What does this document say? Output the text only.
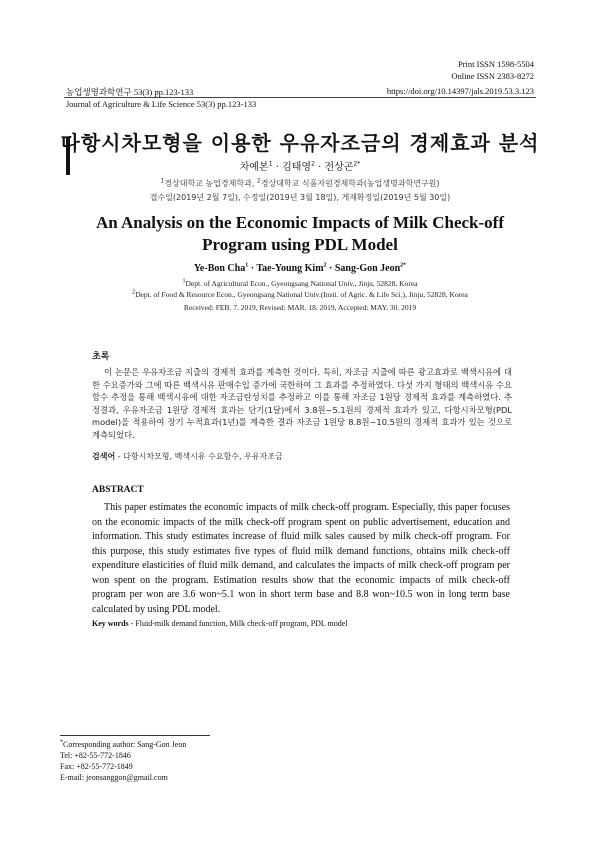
Print ISSN 1598-5504
Online ISSN 2383-8272
농업생명과학연구 53(3) pp.123-133	https://doi.org/10.14397/jals.2019.53.3.123
Journal of Agriculture & Life Science 53(3) pp.123-133
다항시차모형을 이용한 우유자조금의 경제효과 분석
차예본$^1$ · 김태영$^2$ · 전상곤$^{2*}$
$^1$경상대학교 농업경제학과, $^2$경상대학교 식품자원경제학과(농업생명과학연구원)
접수일(2019년 2월 7일), 수정일(2019년 3월 18일), 게재확정일(2019년 5월 30일)
An Analysis on the Economic Impacts of Milk Check-off
Program using PDL Model
Ye-Bon Cha$^1$ · Tae-Young Kim$^2$ · Sang-Gon Jeon$^{2*}$
$^1$Dept. of Agricultural Econ., Gyeongsang National Univ., Jinju, 52828, Korea
$^2$Dept. of Food & Resource Econ., Gyeongsang National Univ.(Insti. of Agric. & Life Sci.), Jinju, 52828, Korea
Received: FEB. 7. 2019, Revised: MAR. 18. 2019, Accepted: MAY. 30. 2019
초록
이 논문은 우유자조금 지출의 경제적 효과를 계측한 것이다. 특히, 자조금 지출에 따른 광고효과로 백색시유에 대한 수요증가와 그에 따른 백색시유 판매수입 증가에 국한하여 그 효과를 추정하였다. 다섯 가지 형태의 백색시유 수요함수 추정을 통해 백색시유에 대한 자조금탄성치를 추정하고 이를 통해 자조금 1원당 경제적 효과를 계측하였다. 추정결과, 우유자조금 1원당 경제적 효과는 단기(1달)에서 3.8원~5.1원의 경제적 효과가 있고, 다항시차모형(PDL model)을 적용하여 장기 누적효과(1년)를 계측한 결과 자조금 1원당 8.8원~10.5원의 경제적 효과가 있는 것으로 계측되었다.
검색어 - 다항시차모형, 백색시유 수요함수, 우유자조금
ABSTRACT
This paper estimates the economic impacts of milk check-off program. Especially, this paper focuses on the economic impacts of the milk check-off program spent on public advertisement, education and information. This study estimates increase of fluid milk sales caused by milk check-off program. For this purpose, this study estimates five types of fluid milk demand functions, obtains milk check-off expenditure elasticities of fluid milk demand, and calculates the impacts of milk check-off program per won spent on the program. Estimation results show that the economic impacts of milk check-off program per won are 3.6 won~5.1 won in short term base and 8.8 won~10.5 won in long term base calculated by using PDL model.
Key words - Fluid-milk demand function, Milk check-off program, PDL model
*Corresponding author: Sang-Gon Jeon
Tel: +82-55-772-1846
Fax: +82-55-772-1849
E-mail: jeonsanggon@gmail.com
